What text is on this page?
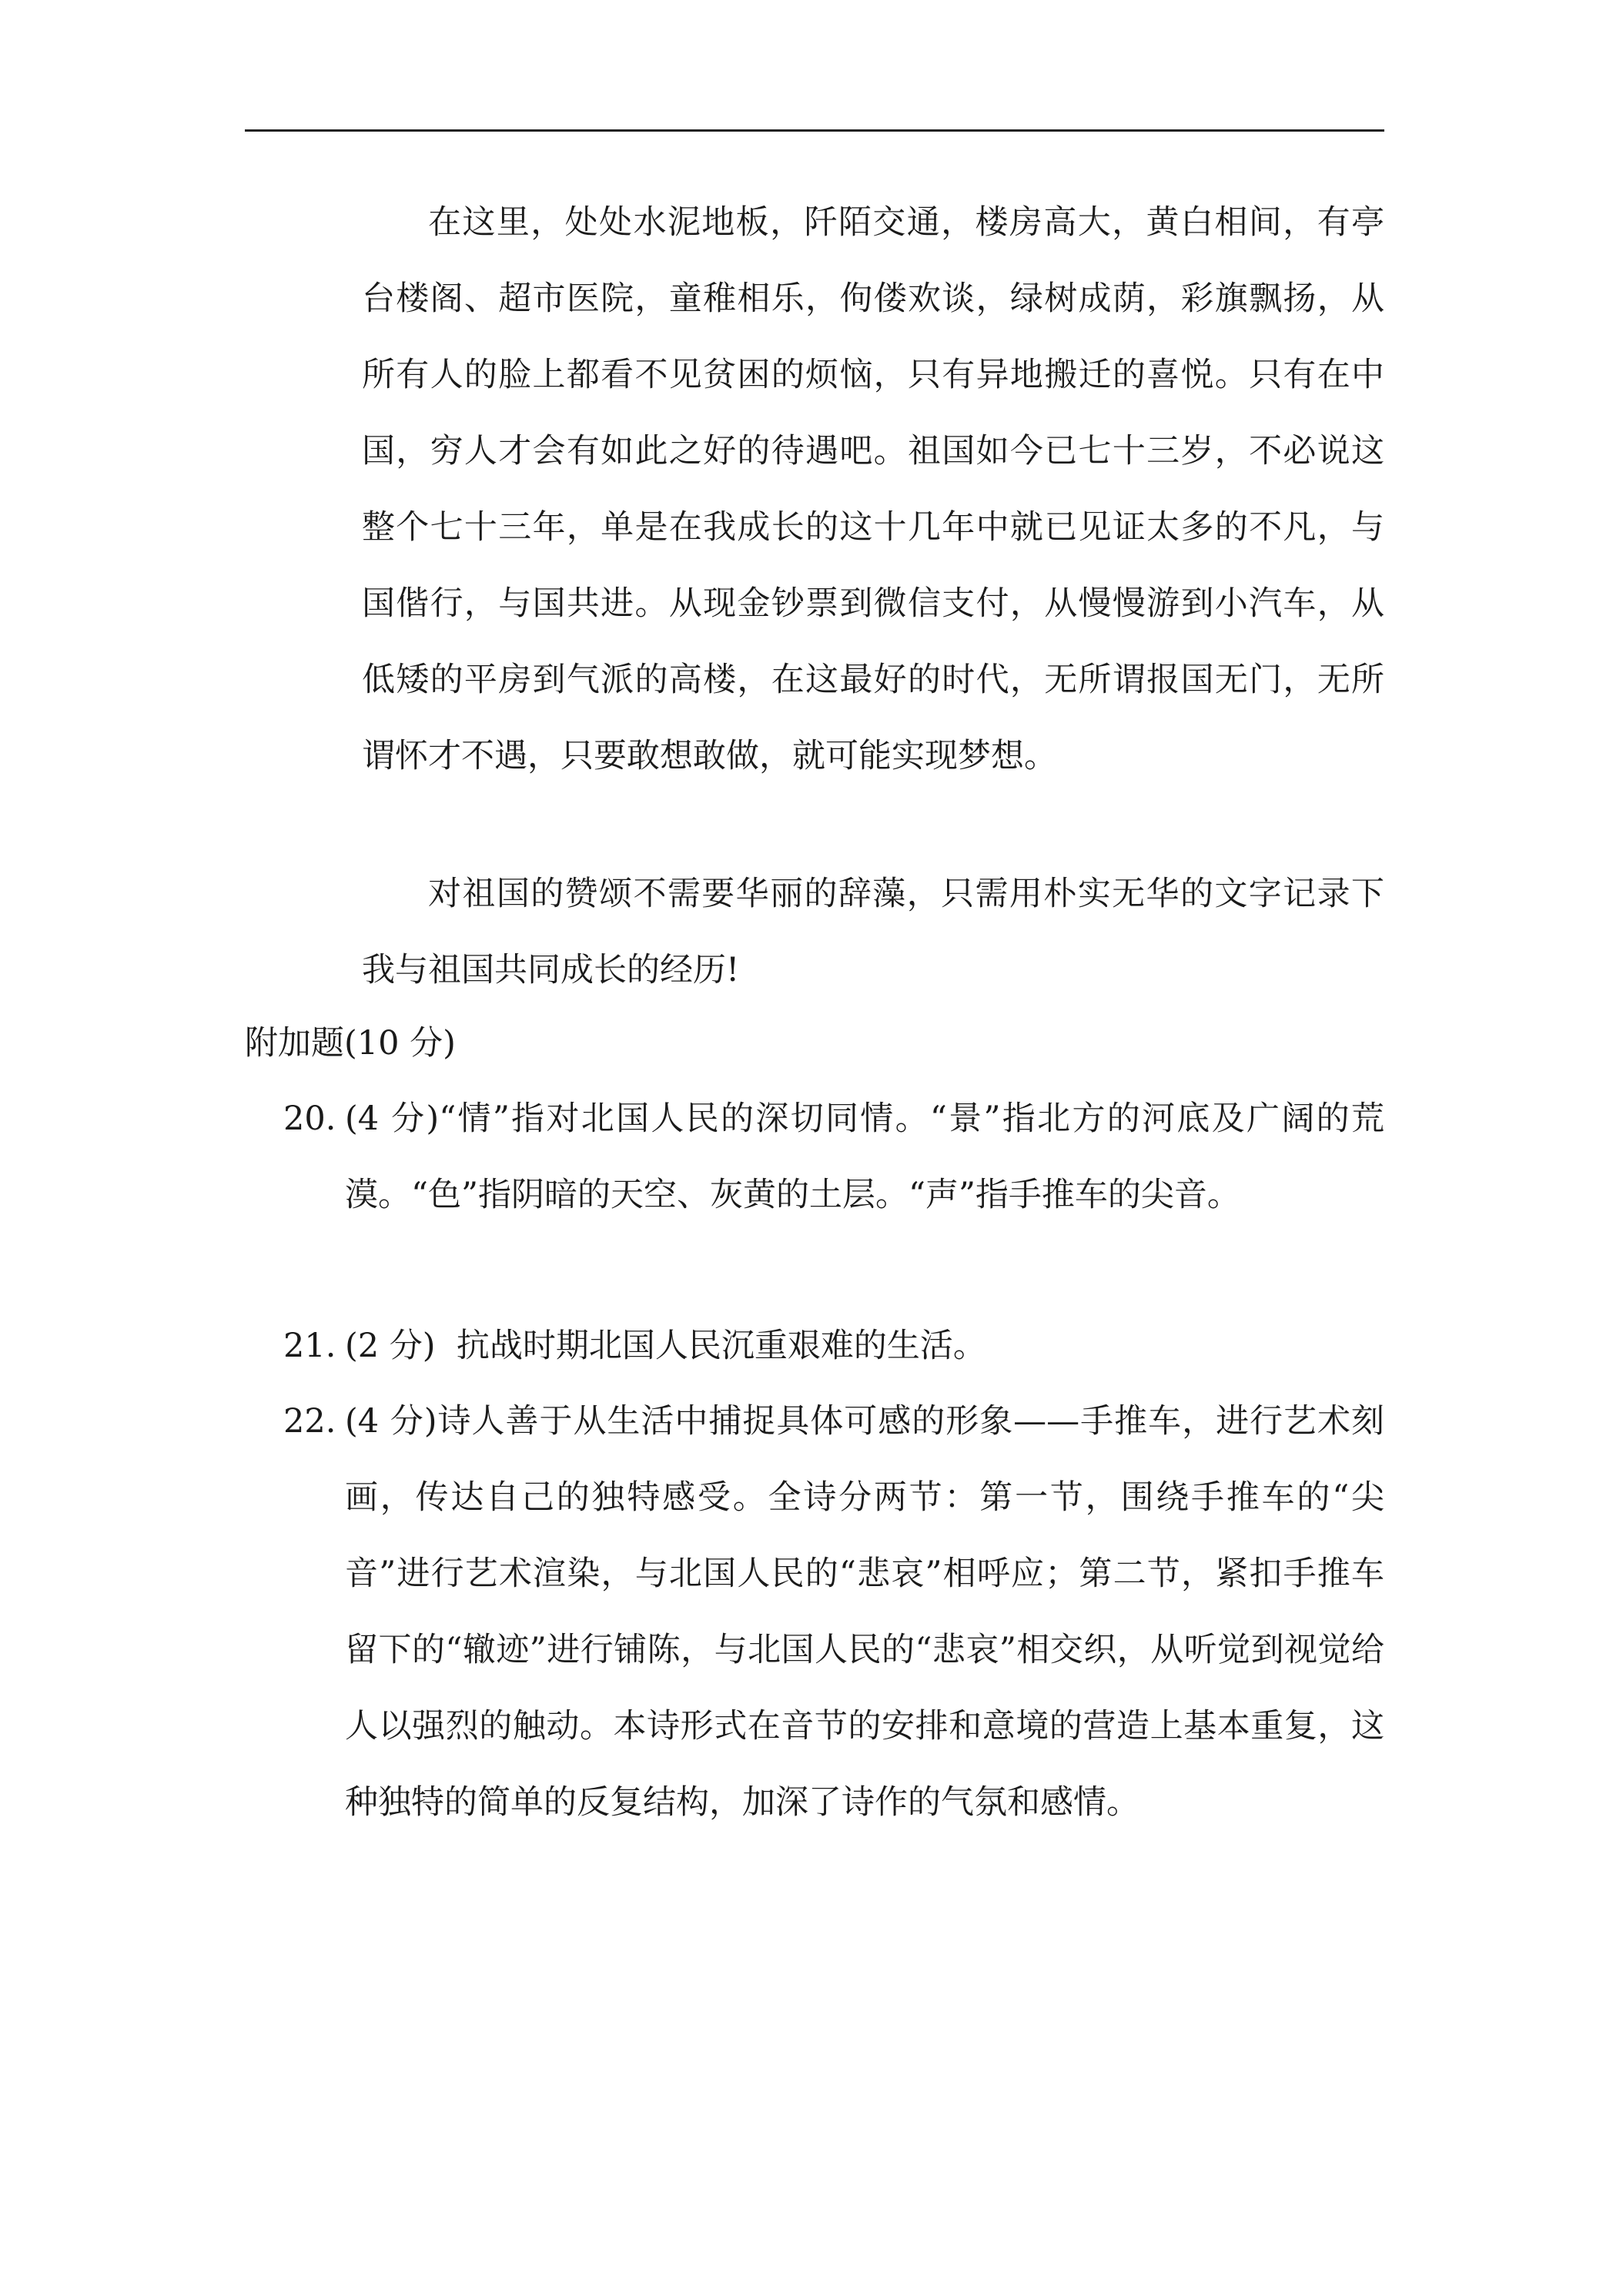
在这里，处处水泥地板，阡陌交通，楼房高大，黄白相间，有亭台楼阁、超市医院，童稚相乐，佝偻欢谈，绿树成荫，彩旗飘扬，从所有人的脸上都看不见贫困的烦恼，只有异地搬迁的喜悦。只有在中国，穷人才会有如此之好的待遇吧。祖国如今已七十三岁，不必说这整个七十三年，单是在我成长的这十几年中就已见证太多的不凡，与国偕行，与国共进。从现金钞票到微信支付，从慢慢游到小汽车，从低矮的平房到气派的高楼，在这最好的时代，无所谓报国无门，无所谓怀才不遇，只要敢想敢做，就可能实现梦想。

对祖国的赞颂不需要华丽的辞藻，只需用朴实无华的文字记录下我与祖国共同成长的经历!

附加题(10 分)
20. (4 分)“情”指对北国人民的深切同情。“景”指北方的河底及广阔的荒漠。“色”指阴暗的天空、灰黄的土层。“声”指手推车的尖音。

21. (2 分)  抗战时期北国人民沉重艰难的生活。

22. (4 分)诗人善于从生活中捕捉具体可感的形象——手推车，进行艺术刻画，传达自己的独特感受。全诗分两节：第一节，围绕手推车的“尖音”进行艺术渲染，与北国人民的“悲哀”相呼应；第二节，紧扣手推车留下的“辙迹”进行铺陈，与北国人民的“悲哀”相交织，从听觉到视觉给人以强烈的触动。本诗形式在音节的安排和意境的营造上基本重复，这种独特的简单的反复结构，加深了诗作的气氛和感情。
